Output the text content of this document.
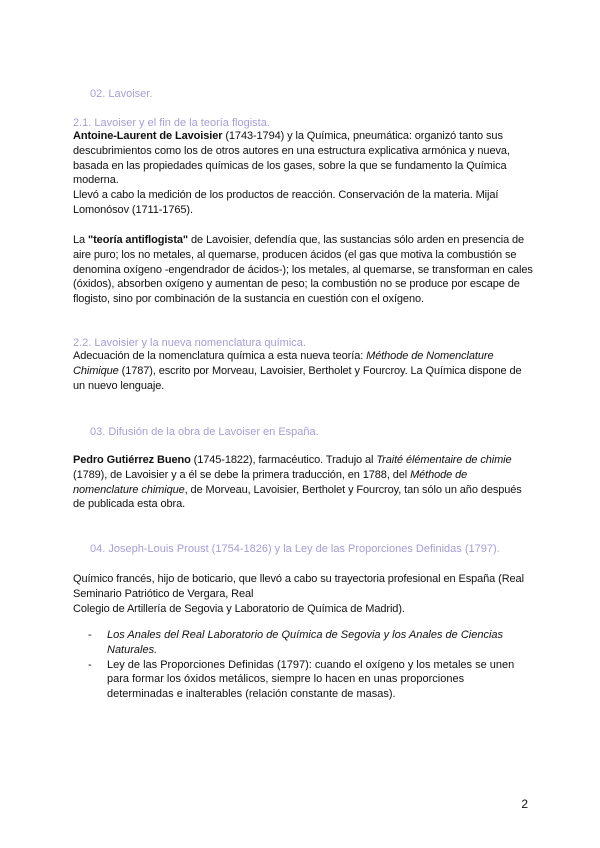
02. Lavoiser.
2.1. Lavoiser y el fin de la teoría flogista.

Antoine-Laurent de Lavoisier (1743-1794) y la Química, pneumática: organizó tanto sus descubrimientos como los de otros autores en una estructura explicativa armónica y nueva, basada en las propiedades químicas de los gases, sobre la que se fundamento la Química moderna.

Llevó a cabo la medición de los productos de reacción. Conservación de la materia. Mijaí Lomonósov (1711-1765).

La "teoría antiflogista" de Lavoisier, defendía que, las sustancias sólo arden en presencia de aire puro; los no metales, al quemarse, producen ácidos (el gas que motiva la combustión se denomina oxígeno -engendrador de ácidos-); los metales, al quemarse, se transforman en cales (óxidos), absorben oxígeno y aumentan de peso; la combustión no se produce por escape de flogisto, sino por combinación de la sustancia en cuestión con el oxígeno.

2.2. Lavoisier y la nueva nomenclatura química.

Adecuación de la nomenclatura química a esta nueva teoría: Méthode de Nomenclature Chimique (1787), escrito por Morveau, Lavoisier, Bertholet y Fourcroy. La Química dispone de un nuevo lenguaje.

03. Difusión de la obra de Lavoiser en España.

Pedro Gutiérrez Bueno (1745-1822), farmacéutico. Tradujo al Traité élémentaire de chimie (1789), de Lavoisier y a él se debe la primera traducción, en 1788, del Méthode de nomenclature chimique, de Morveau, Lavoisier, Bertholet y Fourcroy, tan sólo un año después de publicada esta obra.

04. Joseph-Louis Proust (1754-1826) y la Ley de las Proporciones Definidas (1797).

Químico francés, hijo de boticario, que llevó a cabo su trayectoria profesional en España (Real Seminario Patriótico de Vergara, Real

Colegio de Artillería de Segovia y Laboratorio de Química de Madrid).

- Los Anales del Real Laboratorio de Química de Segovia y los Anales de Ciencias Naturales.
- Ley de las Proporciones Definidas (1797): cuando el oxígeno y los metales se unen para formar los óxidos metálicos, siempre lo hacen en unas proporciones determinadas e inalterables (relación constante de masas).
2
